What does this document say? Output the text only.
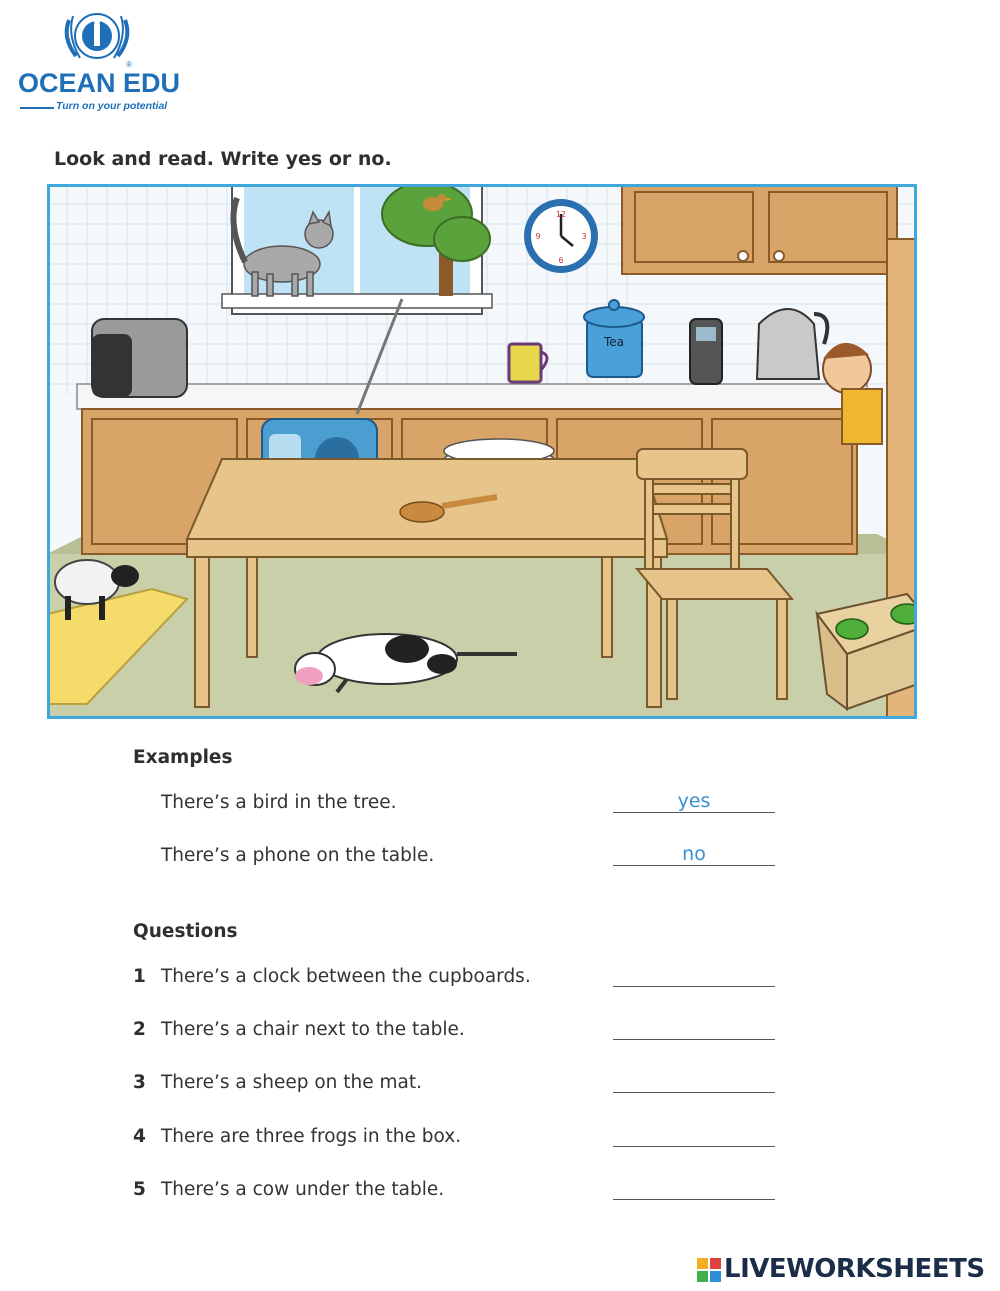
OCEAN EDU
®
Turn on your potential
Look and read. Write yes or no.
12
3
6
9
Tea
Examples
There’s a bird in the tree.	yes
There’s a phone on the table.	no
Questions
1 There’s a clock between the cupboards.
2 There’s a chair next to the table.
3 There’s a sheep on the mat.
4 There are three frogs in the box.
5 There’s a cow under the table.
LIVEWORKSHEETS
